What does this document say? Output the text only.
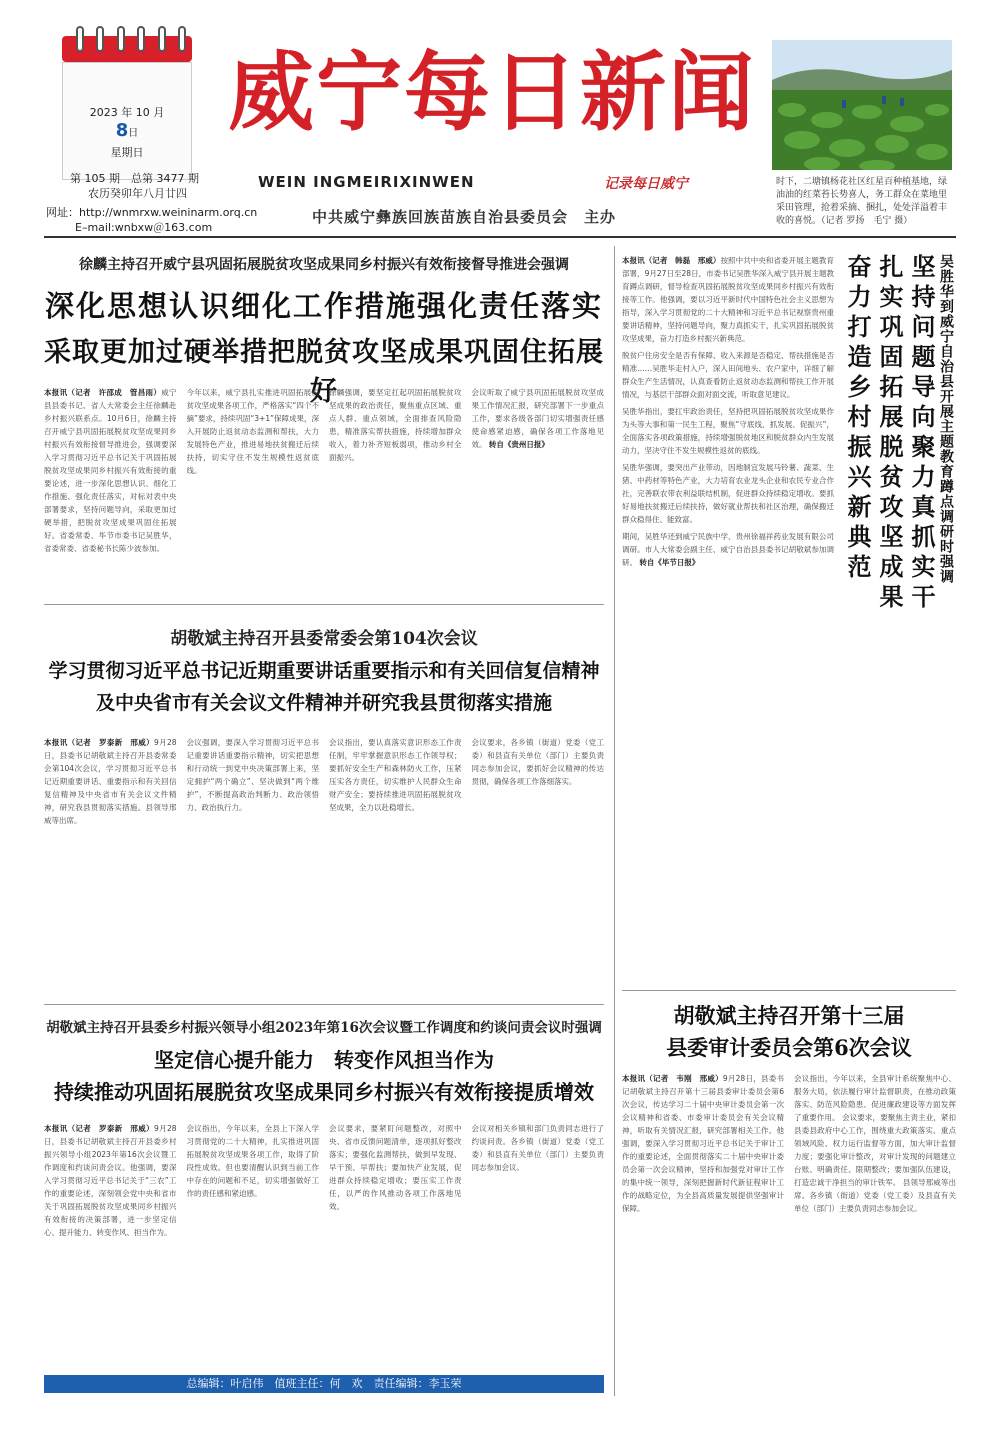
2023 年 10 月
8日
星期日
第 105 期　总第 3477 期
农历癸卯年八月廿四
网址：http://wnmrxw.weininarm.orq.cn
E–mail:wnbxw＠163.com
威宁每日新闻
WEIN INGMEIRIXINWEN	记录每日威宁
中共威宁彝族回族苗族自治县委员会　主办
时下，二塘镇杨花社区红星百种植基地，绿油油的红菜苔长势喜人，务工群众在菜地里采田管理，抢着采摘、捆扎，处处洋溢着丰收的喜悦。（记者 罗扬　毛宁 摄）
徐麟主持召开威宁县巩固拓展脱贫攻坚成果同乡村振兴有效衔接督导推进会强调
深化思想认识细化工作措施强化责任落实
采取更加过硬举措把脱贫攻坚成果巩固住拓展好
本报讯（记者　许邵成　管昌雨）威宁县县委书记、省人大常委会主任徐麟赴乡村振兴联系点。10月6日，徐麟主持召开威宁县巩固拓展脱贫攻坚成果同乡村振兴有效衔接督导推进会，强调要深入学习贯彻习近平总书记关于巩固拓展脱贫攻坚成果同乡村振兴有效衔接的重要论述，进一步深化思想认识、细化工作措施、强化责任落实，对标对表中央部署要求，坚持问题导向，采取更加过硬举措，把脱贫攻坚成果巩固住拓展好。省委常委、毕节市委书记吴胜华，省委常委、省委秘书长陈少波参加。
今年以来，威宁县扎实推进巩固拓展脱贫攻坚成果各项工作，严格落实“四个不摘”要求，持续巩固“3+1”保障成果，深入开展防止返贫动态监测和帮扶，大力发展特色产业，推进易地扶贫搬迁后续扶持，切实守住不发生规模性返贫底线。
徐麟强调，要坚定扛起巩固拓展脱贫攻坚成果的政治责任，聚焦重点区域、重点人群、重点领域，全面排查风险隐患，精准落实帮扶措施，持续增加群众收入，着力补齐短板弱项，推动乡村全面振兴。
会议听取了威宁县巩固拓展脱贫攻坚成果工作情况汇报，研究部署下一步重点工作，要求各级各部门切实增强责任感使命感紧迫感，确保各项工作落地见效。 转自《贵州日报》
胡敬斌主持召开县委常委会第104次会议
学习贯彻习近平总书记近期重要讲话重要指示和有关回信复信精神
及中央省市有关会议文件精神并研究我县贯彻落实措施
本报讯（记者　罗泰新　邢威）9月28日，县委书记胡敬斌主持召开县委常委会第104次会议，学习贯彻习近平总书记近期重要讲话、重要指示和有关回信复信精神及中央省市有关会议文件精神，研究我县贯彻落实措施。县领导邢威等出席。
会议强调，要深入学习贯彻习近平总书记重要讲话重要指示精神，切实把思想和行动统一到党中央决策部署上来，坚定拥护“两个确立”、坚决做到“两个维护”，不断提高政治判断力、政治领悟力、政治执行力。
会议指出，要认真落实意识形态工作责任制，牢牢掌握意识形态工作领导权；要抓好安全生产和森林防火工作，压紧压实各方责任，切实维护人民群众生命财产安全；要持续推进巩固拓展脱贫攻坚成果，全力以赴稳增长。
会议要求，各乡镇（街道）党委（党工委）和县直有关单位（部门）主要负责同志参加会议，要抓好会议精神的传达贯彻，确保各项工作落细落实。
胡敬斌主持召开县委乡村振兴领导小组2023年第16次会议暨工作调度和约谈问责会议时强调
坚定信心提升能力　转变作风担当作为
持续推动巩固拓展脱贫攻坚成果同乡村振兴有效衔接提质增效
本报讯（记者　罗泰新　邢威）9月28日，县委书记胡敬斌主持召开县委乡村振兴领导小组2023年第16次会议暨工作调度和约谈问责会议。他强调，要深入学习贯彻习近平总书记关于“三农”工作的重要论述，深刻领会党中央和省市关于巩固拓展脱贫攻坚成果同乡村振兴有效衔接的决策部署，进一步坚定信心、提升能力、转变作风、担当作为。
会议指出，今年以来，全县上下深入学习贯彻党的二十大精神，扎实推进巩固拓展脱贫攻坚成果各项工作，取得了阶段性成效。但也要清醒认识到当前工作中存在的问题和不足，切实增强做好工作的责任感和紧迫感。
会议要求，要紧盯问题整改，对照中央、省市反馈问题清单，逐项抓好整改落实；要强化监测帮扶，做到早发现、早干预、早帮扶；要加快产业发展，促进群众持续稳定增收；要压实工作责任，以严的作风推动各项工作落地见效。
会议对相关乡镇和部门负责同志进行了约谈问责。各乡镇（街道）党委（党工委）和县直有关单位（部门）主要负责同志参加会议。
总编辑：叶启伟　值班主任：何　欢　责任编辑：李玉荣
本报讯（记者　韩磊　邢威）按照中共中央和省委开展主题教育部署，9月27日至28日，市委书记吴胜华深入威宁县开展主题教育蹲点调研，督导检查巩固拓展脱贫攻坚成果同乡村振兴有效衔接等工作。他强调，要以习近平新时代中国特色社会主义思想为指导，深入学习贯彻党的二十大精神和习近平总书记视察贵州重要讲话精神，坚持问题导向，聚力真抓实干，扎实巩固拓展脱贫攻坚成果，奋力打造乡村振兴新典范。
脱贫户住房安全是否有保障、收入来源是否稳定、帮扶措施是否精准……吴胜华走村入户，深入田间地头、农户家中，详细了解群众生产生活情况，认真查看防止返贫动态监测和帮扶工作开展情况，与基层干部群众面对面交流，听取意见建议。
吴胜华指出，要扛牢政治责任，坚持把巩固拓展脱贫攻坚成果作为头等大事和第一民生工程，聚焦“守底线、抓发展、促振兴”，全面落实各项政策措施，持续增强脱贫地区和脱贫群众内生发展动力，坚决守住不发生规模性返贫的底线。
吴胜华强调，要突出产业带动，因地制宜发展马铃薯、蔬菜、生猪、中药材等特色产业，大力培育农业龙头企业和农民专业合作社，完善联农带农利益联结机制，促进群众持续稳定增收。要抓好易地扶贫搬迁后续扶持，做好就业帮扶和社区治理，确保搬迁群众稳得住、能致富。
期间，吴胜华还到威宁民族中学、贵州徐福祥药业发展有限公司调研。市人大常委会副主任、威宁自治县县委书记胡敬斌参加调研。 转自《毕节日报》	奋力打造乡村振兴新典范 扎实巩固拓展脱贫攻坚成果 坚持问题导向聚力真抓实干 吴胜华到威宁自治县开展主题教育蹲点调研时强调
胡敬斌主持召开第十三届
县委审计委员会第6次会议
本报讯（记者　韦刚　邢威）9月28日，县委书记胡敬斌主持召开第十三届县委审计委员会第6次会议，传达学习二十届中央审计委员会第一次会议精神和省委、市委审计委员会有关会议精神，听取有关情况汇报，研究部署相关工作。他强调，要深入学习贯彻习近平总书记关于审计工作的重要论述，全面贯彻落实二十届中央审计委员会第一次会议精神，坚持和加强党对审计工作的集中统一领导，深刻把握新时代新征程审计工作的战略定位，为全县高质量发展提供坚强审计保障。
会议指出，今年以来，全县审计系统聚焦中心、服务大局，依法履行审计监督职责，在推动政策落实、防范风险隐患、促进廉政建设等方面发挥了重要作用。 会议要求，要聚焦主责主业，紧扣县委县政府中心工作，围绕重大政策落实、重点领域风险、权力运行监督等方面，加大审计监督力度；要强化审计整改，对审计发现的问题建立台账、明确责任、限期整改；要加强队伍建设，打造忠诚干净担当的审计铁军。 县领导邢威等出席。各乡镇（街道）党委（党工委）及县直有关单位（部门）主要负责同志参加会议。
